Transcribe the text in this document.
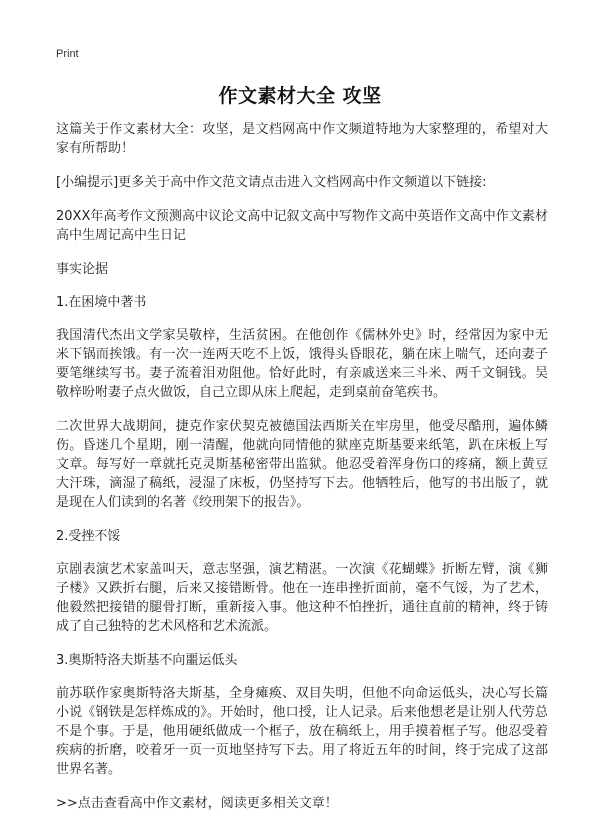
Print
作文素材大全 攻坚

这篇关于作文素材大全：攻坚，是文档网高中作文频道特地为大家整理的，希望对大家有所帮助！

[小编提示]更多关于高中作文范文请点击进入文档网高中作文频道以下链接:

20XX年高考作文预测高中议论文高中记叙文高中写物作文高中英语作文高中作文素材高中生周记高中生日记

事实论据

1.在困境中著书

我国清代杰出文学家吴敬梓，生活贫困。在他创作《儒林外史》时，经常因为家中无米下锅而挨饿。有一次一连两天吃不上饭，饿得头昏眼花，躺在床上喘气，还向妻子要笔继续写书。妻子流着泪劝阻他。恰好此时，有亲戚送来三斗米、两千文铜钱。吴敬梓吩咐妻子点火做饭，自己立即从床上爬起，走到桌前奋笔疾书。

二次世界大战期间，捷克作家伏契克被德国法西斯关在牢房里，他受尽酷刑，遍体鳞伤。昏迷几个星期，刚一清醒，他就向同情他的狱座克斯基要来纸笔，趴在床板上写文章。每写好一章就托克灵斯基秘密带出监狱。他忍受着浑身伤口的疼痛，额上黄豆大汗珠，滴湿了稿纸，浸湿了床板，仍坚持写下去。他牺牲后，他写的书出版了，就是现在人们读到的名著《绞刑架下的报告》。

2.受挫不馁

京剧表演艺术家盖叫天，意志坚强，演艺精湛。一次演《花蝴蝶》折断左臂，演《狮子楼》又跌折右腿，后来又接错断骨。他在一连串挫折面前，毫不气馁，为了艺术，他毅然把接错的腿骨打断，重新接入事。他这种不怕挫折，通往直前的精神，终于铸成了自己独特的艺术风格和艺术流派。

3.奥斯特洛夫斯基不向噩运低头

前苏联作家奥斯特洛夫斯基，全身瘫痪、双目失明，但他不向命运低头，决心写长篇小说《钢铁是怎样炼成的》。开始时，他口授，让人记录。后来他想老是让别人代劳总不是个事。于是，他用硬纸做成一个框子，放在稿纸上，用手摸着框子写。他忍受着疾病的折磨，咬着牙一页一页地坚持写下去。用了将近五年的时间，终于完成了这部世界名著。

>>点击查看高中作文素材，阅读更多相关文章！
